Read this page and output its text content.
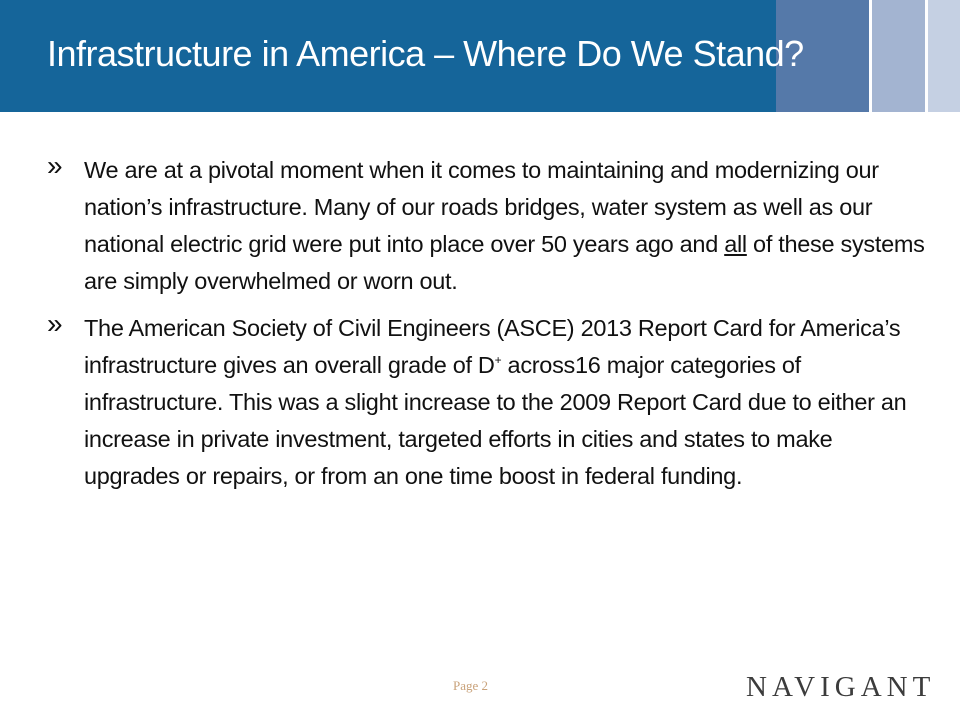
Infrastructure in America – Where Do We Stand?
» We are at a pivotal moment when it comes to maintaining and modernizing our nation’s infrastructure. Many of our roads bridges, water system as well as our national electric grid were put into place over 50 years ago and all of these systems are simply overwhelmed or worn out.
» The American Society of Civil Engineers (ASCE) 2013 Report Card for America’s infrastructure gives an overall grade of D+ across16 major categories of infrastructure. This was a slight increase to the 2009 Report Card due to either an increase in private investment, targeted efforts in cities and states to make upgrades or repairs, or from an one time boost in federal funding.
Page 2	NAVIGANT
